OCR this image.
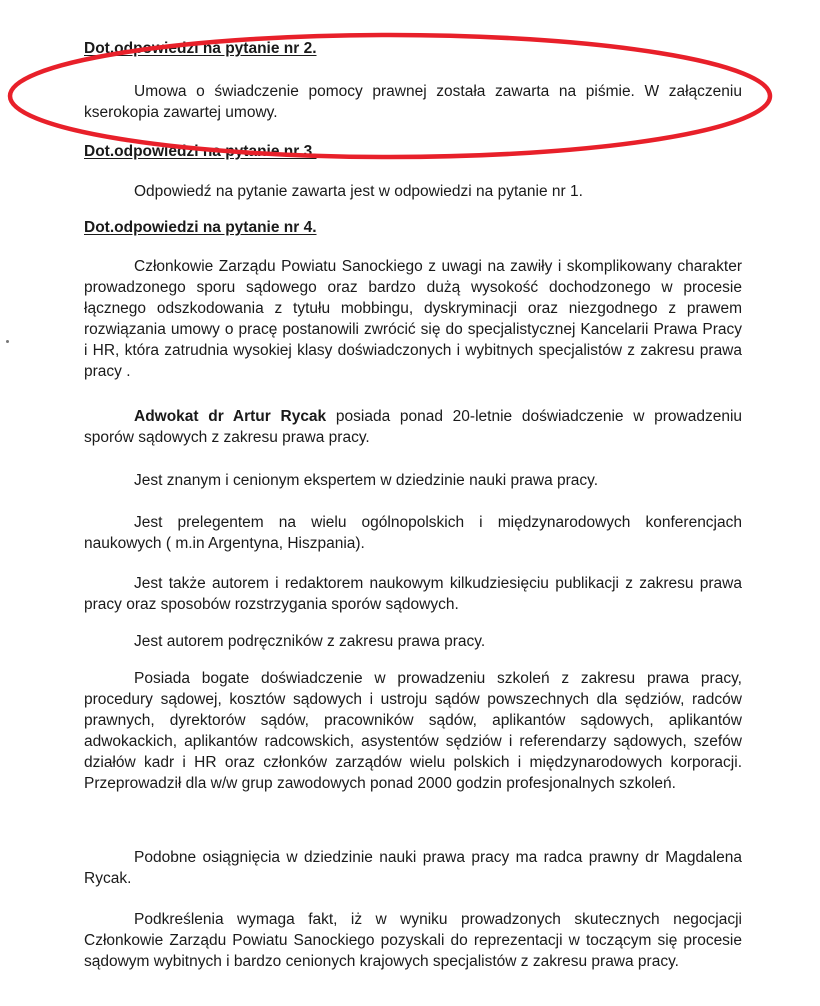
Dot.odpowiedzi na pytanie nr 2.

Umowa o świadczenie pomocy prawnej została zawarta na piśmie. W załączeniu kserokopia zawartej umowy.

Dot.odpowiedzi na pytanie nr 3.

Odpowiedź na pytanie zawarta jest w odpowiedzi na pytanie nr 1.

Dot.odpowiedzi na pytanie nr 4.

Członkowie Zarządu Powiatu Sanockiego z uwagi na zawiły i skomplikowany charakter prowadzonego sporu sądowego oraz bardzo dużą wysokość dochodzonego w procesie łącznego odszkodowania z tytułu mobbingu, dyskryminacji oraz niezgodnego z prawem rozwiązania umowy o pracę postanowili zwrócić się do specjalistycznej Kancelarii Prawa Pracy i HR, która zatrudnia wysokiej klasy doświadczonych i wybitnych specjalistów z zakresu prawa pracy .

Adwokat dr Artur Rycak posiada ponad 20-letnie doświadczenie w prowadzeniu sporów sądowych z zakresu prawa pracy.

Jest znanym i cenionym ekspertem w dziedzinie nauki prawa pracy.

Jest prelegentem na wielu ogólnopolskich i międzynarodowych konferencjach naukowych ( m.in Argentyna, Hiszpania).

Jest także autorem i redaktorem naukowym kilkudziesięciu publikacji z zakresu prawa pracy oraz sposobów rozstrzygania sporów sądowych.

Jest autorem podręczników z zakresu prawa pracy.

Posiada bogate doświadczenie w prowadzeniu szkoleń z zakresu prawa pracy, procedury sądowej, kosztów sądowych i ustroju sądów powszechnych dla sędziów, radców prawnych, dyrektorów sądów, pracowników sądów, aplikantów sądowych, aplikantów adwokackich, aplikantów radcowskich, asystentów sędziów i referendarzy sądowych, szefów działów kadr i HR oraz członków zarządów wielu polskich i międzynarodowych korporacji. Przeprowadził dla w/w grup zawodowych ponad 2000 godzin profesjonalnych szkoleń.

Podobne osiągnięcia w dziedzinie nauki prawa pracy ma radca prawny dr Magdalena Rycak.

Podkreślenia wymaga fakt, iż w wyniku prowadzonych skutecznych negocjacji Członkowie Zarządu Powiatu Sanockiego pozyskali do reprezentacji w toczącym się procesie sądowym wybitnych i bardzo cenionych krajowych specjalistów z zakresu prawa pracy.
